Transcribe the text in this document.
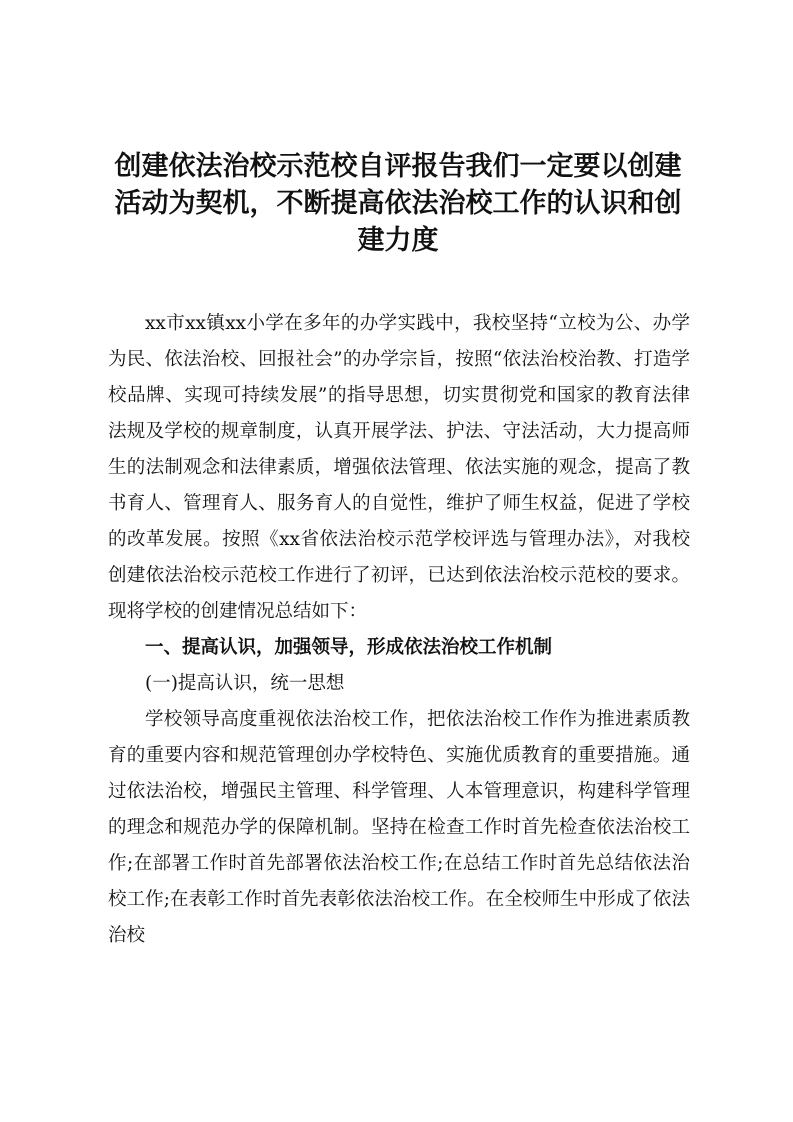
创建依法治校示范校自评报告我们一定要以创建活动为契机，不断提高依法治校工作的认识和创建力度

xx市xx镇xx小学在多年的办学实践中，我校坚持“立校为公、办学为民、依法治校、回报社会”的办学宗旨，按照“依法治校治教、打造学校品牌、实现可持续发展”的指导思想，切实贯彻党和国家的教育法律法规及学校的规章制度，认真开展学法、护法、守法活动，大力提高师生的法制观念和法律素质，增强依法管理、依法实施的观念，提高了教书育人、管理育人、服务育人的自觉性，维护了师生权益，促进了学校的改革发展。按照《xx省依法治校示范学校评选与管理办法》，对我校创建依法治校示范校工作进行了初评，已达到依法治校示范校的要求。现将学校的创建情况总结如下：

一、提高认识，加强领导，形成依法治校工作机制

(一)提高认识，统一思想

学校领导高度重视依法治校工作，把依法治校工作作为推进素质教育的重要内容和规范管理创办学校特色、实施优质教育的重要措施。通过依法治校，增强民主管理、科学管理、人本管理意识，构建科学管理的理念和规范办学的保障机制。坚持在检查工作时首先检查依法治校工作;在部署工作时首先部署依法治校工作;在总结工作时首先总结依法治校工作;在表彰工作时首先表彰依法治校工作。在全校师生中形成了依法治校
